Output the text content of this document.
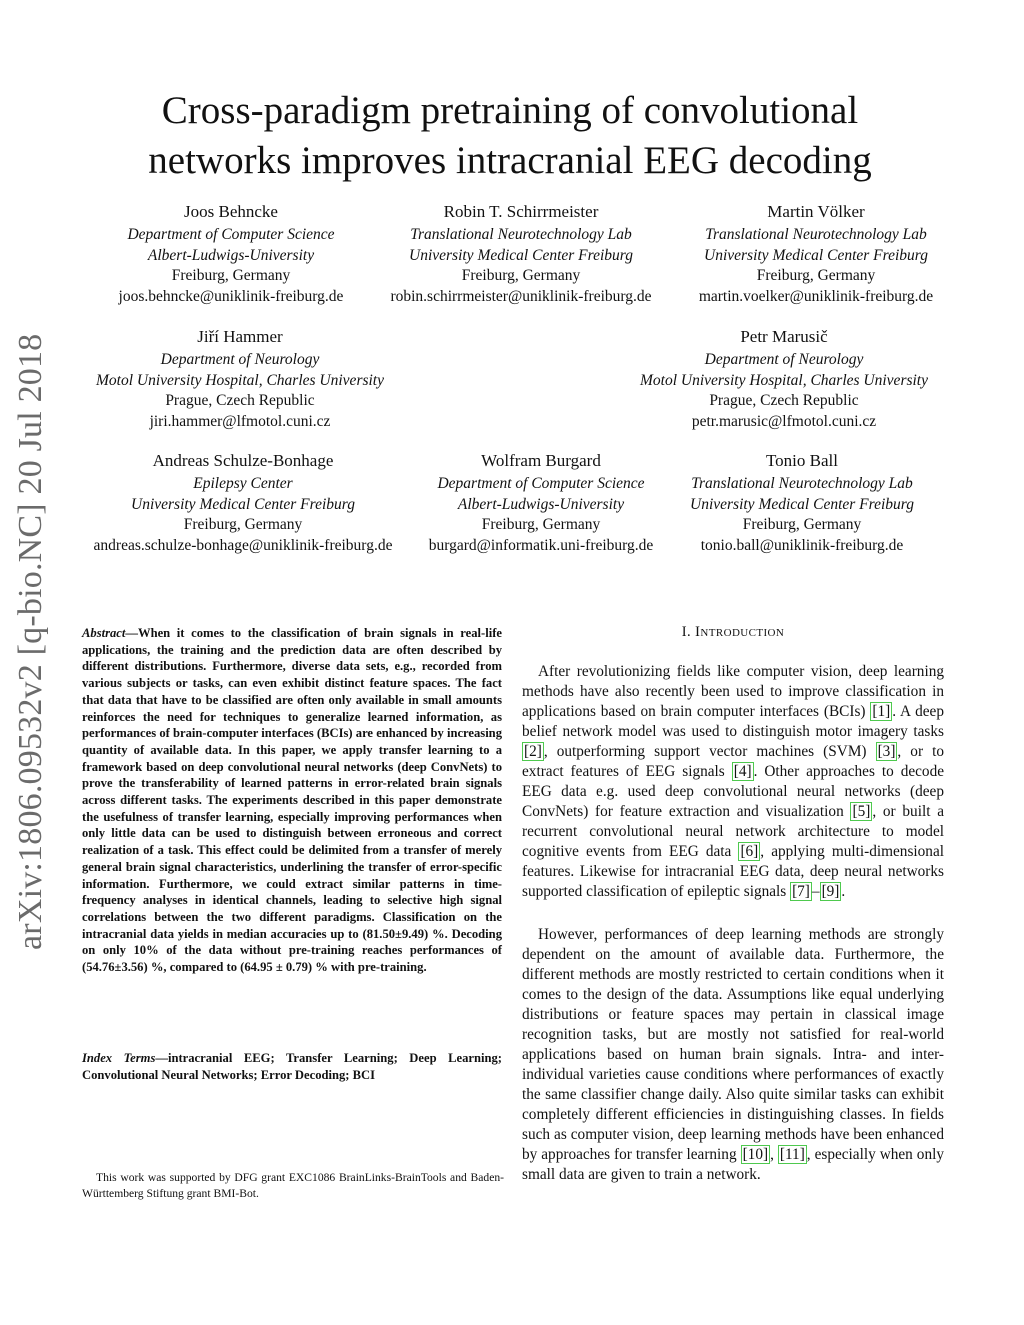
arXiv:1806.09532v2 [q-bio.NC] 20 Jul 2018
Cross-paradigm pretraining of convolutional
networks improves intracranial EEG decoding
Joos Behncke
Department of Computer Science
Albert-Ludwigs-University
Freiburg, Germany
joos.behncke@uniklinik-freiburg.de
Robin T. Schirrmeister
Translational Neurotechnology Lab
University Medical Center Freiburg
Freiburg, Germany
robin.schirrmeister@uniklinik-freiburg.de
Martin Völker
Translational Neurotechnology Lab
University Medical Center Freiburg
Freiburg, Germany
martin.voelker@uniklinik-freiburg.de
Jiří Hammer
Department of Neurology
Motol University Hospital, Charles University
Prague, Czech Republic
jiri.hammer@lfmotol.cuni.cz
Petr Marusič
Department of Neurology
Motol University Hospital, Charles University
Prague, Czech Republic
petr.marusic@lfmotol.cuni.cz
Andreas Schulze-Bonhage
Epilepsy Center
University Medical Center Freiburg
Freiburg, Germany
andreas.schulze-bonhage@uniklinik-freiburg.de
Wolfram Burgard
Department of Computer Science
Albert-Ludwigs-University
Freiburg, Germany
burgard@informatik.uni-freiburg.de
Tonio Ball
Translational Neurotechnology Lab
University Medical Center Freiburg
Freiburg, Germany
tonio.ball@uniklinik-freiburg.de
Abstract—When it comes to the classification of brain signals in real-life applications, the training and the prediction data are often described by different distributions. Furthermore, diverse data sets, e.g., recorded from various subjects or tasks, can even exhibit distinct feature spaces. The fact that data that have to be classified are often only available in small amounts reinforces the need for techniques to generalize learned information, as performances of brain-computer interfaces (BCIs) are enhanced by increasing quantity of available data. In this paper, we apply transfer learning to a framework based on deep convolutional neural networks (deep ConvNets) to prove the transferability of learned patterns in error-related brain signals across different tasks. The experiments described in this paper demonstrate the usefulness of transfer learning, especially improving performances when only little data can be used to distinguish between erroneous and correct realization of a task. This effect could be delimited from a transfer of merely general brain signal characteristics, underlining the transfer of error-specific information. Furthermore, we could extract similar patterns in time-frequency analyses in identical channels, leading to selective high signal correlations between the two different paradigms. Classification on the intracranial data yields in median accuracies up to (81.50±9.49) %. Decoding on only 10% of the data without pre-training reaches performances of (54.76±3.56) %, compared to (64.95 ± 0.79) % with pre-training.
Index Terms—intracranial EEG; Transfer Learning; Deep Learning; Convolutional Neural Networks; Error Decoding; BCI
This work was supported by DFG grant EXC1086 BrainLinks-BrainTools and Baden-Württemberg Stiftung grant BMI-Bot.
I. Introduction
After revolutionizing fields like computer vision, deep learning methods have also recently been used to improve classification in applications based on brain computer interfaces (BCIs) [1] . A deep belief network model was used to distinguish motor imagery tasks [2] , outperforming support vector machines (SVM) [3] , or to extract features of EEG signals [4] . Other approaches to decode EEG data e.g. used deep convolutional neural networks (deep ConvNets) for feature extraction and visualization [5] , or built a recurrent convolutional neural network architecture to model cognitive events from EEG data [6] , applying multi-dimensional features. Likewise for intracranial EEG data, deep neural networks supported classification of epileptic signals [7] – [9] .
However, performances of deep learning methods are strongly dependent on the amount of available data. Furthermore, the different methods are mostly restricted to certain conditions when it comes to the design of the data. Assumptions like equal underlying distributions or feature spaces may pertain in classical image recognition tasks, but are mostly not satisfied for real-world applications based on human brain signals. Intra- and inter-individual varieties cause conditions where performances of exactly the same classifier change daily. Also quite similar tasks can exhibit completely different efficiencies in distinguishing classes. In fields such as computer vision, deep learning methods have been enhanced by approaches for transfer learning [10] , [11] , especially when only small data are given to train a network.
